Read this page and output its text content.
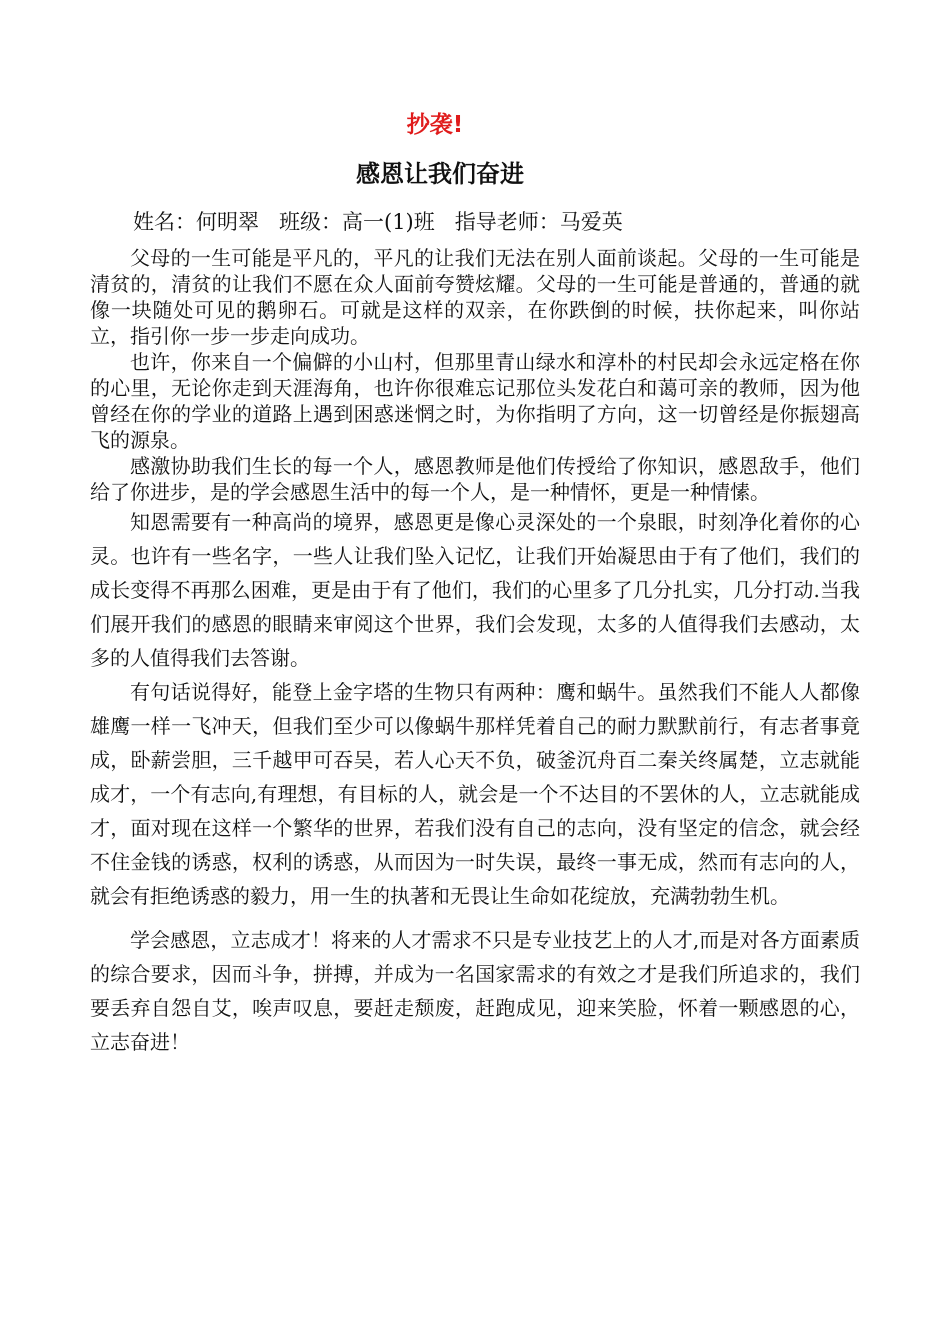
抄袭!
感恩让我们奋进
姓名：何明翠 班级：高一(1)班 指导老师：马爱英

父母的一生可能是平凡的，平凡的让我们无法在别人面前谈起。父母的一生可能是清贫的，清贫的让我们不愿在众人面前夸赞炫耀。父母的一生可能是普通的，普通的就像一块随处可见的鹅卵石。可就是这样的双亲，在你跌倒的时候，扶你起来，叫你站立，指引你一步一步走向成功。

也许，你来自一个偏僻的小山村，但那里青山绿水和淳朴的村民却会永远定格在你的心里，无论你走到天涯海角，也许你很难忘记那位头发花白和蔼可亲的教师，因为他曾经在你的学业的道路上遇到困惑迷惘之时，为你指明了方向，这一切曾经是你振翅高飞的源泉。

感激协助我们生长的每一个人，感恩教师是他们传授给了你知识，感恩敌手，他们给了你进步，是的学会感恩生活中的每一个人，是一种情怀，更是一种情愫。

知恩需要有一种高尚的境界，感恩更是像心灵深处的一个泉眼，时刻净化着你的心灵。也许有一些名字，一些人让我们坠入记忆，让我们开始凝思由于有了他们，我们的成长变得不再那么困难，更是由于有了他们，我们的心里多了几分扎实，几分打动.当我们展开我们的感恩的眼睛来审阅这个世界，我们会发现，太多的人值得我们去感动，太多的人值得我们去答谢。

有句话说得好，能登上金字塔的生物只有两种：鹰和蜗牛。虽然我们不能人人都像雄鹰一样一飞冲天，但我们至少可以像蜗牛那样凭着自己的耐力默默前行，有志者事竟成，卧薪尝胆，三千越甲可吞吴，若人心天不负，破釜沉舟百二秦关终属楚，立志就能成才，一个有志向,有理想，有目标的人，就会是一个不达目的不罢休的人，立志就能成才，面对现在这样一个繁华的世界，若我们没有自己的志向，没有坚定的信念，就会经不住金钱的诱惑，权利的诱惑，从而因为一时失误，最终一事无成，然而有志向的人，就会有拒绝诱惑的毅力，用一生的执著和无畏让生命如花绽放，充满勃勃生机。

学会感恩，立志成才！将来的人才需求不只是专业技艺上的人才,而是对各方面素质的综合要求，因而斗争，拼搏，并成为一名国家需求的有效之才是我们所追求的，我们要丢弃自怨自艾，唉声叹息，要赶走颓废，赶跑成见，迎来笑脸，怀着一颗感恩的心，立志奋进！
